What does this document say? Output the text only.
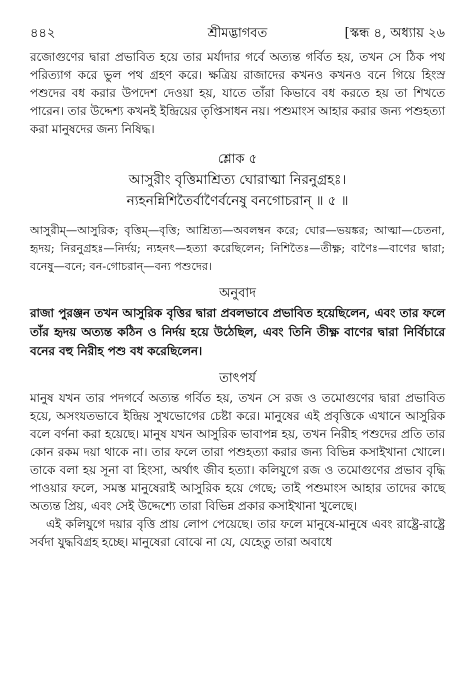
৪৪২	শ্রীমদ্ভাগবত	[স্কন্ধ ৪, অধ্যায় ২৬

রজোগুণের দ্বারা প্রভাবিত হয়ে তার মর্যাদার গর্বে অত্যন্ত গর্বিত হয়, তখন সে ঠিক পথ পরিত্যাগ করে ভুল পথ গ্রহণ করে। ক্ষত্রিয় রাজাদের কখনও কখনও বনে গিয়ে হিংস্র পশুদের বধ করার উপদেশ দেওয়া হয়, যাতে তাঁরা কিভাবে বধ করতে হয় তা শিখতে পারেন। তার উদ্দেশ্য কখনই ইন্দ্রিয়ের তৃপ্তিসাধন নয়। পশুমাংস আহার করার জন্য পশুহত্যা করা মানুষদের জন্য নিষিদ্ধ।

শ্লোক ৫
আসুরীং বৃত্তিমাশ্রিত্য ঘোরাত্মা নিরনুগ্রহঃ।
ন্যহনন্নিশিতৈর্বাণৈর্বনেষু বনগোচরান্‌ ॥ ৫ ॥

আসুরীম্—আসুরিক; বৃত্তিম্—বৃত্তি; আশ্রিত্য—অবলম্বন করে; ঘোর—ভয়ঙ্কর; আত্মা—চেতনা, হৃদয়; নিরনুগ্রহঃ—নির্দয়; ন্যহনৎ—হত্যা করেছিলেন; নিশিতৈঃ—তীক্ষ্ণ; বাণৈঃ—বাণের দ্বারা; বনেষু—বনে; বন-গোচরান্—বন্য পশুদের।

অনুবাদ

রাজা পুরঞ্জন তখন আসুরিক বৃত্তির দ্বারা প্রবলভাবে প্রভাবিত হয়েছিলেন, এবং তার ফলে তাঁর হৃদয় অত্যন্ত কঠিন ও নির্দয় হয়ে উঠেছিল, এবং তিনি তীক্ষ্ণ বাণের দ্বারা নির্বিচারে বনের বহু নিরীহ পশু বধ করেছিলেন।

তাৎপর্য

মানুষ যখন তার পদগর্বে অত্যন্ত গর্বিত হয়, তখন সে রজ ও তমোগুণের দ্বারা প্রভাবিত হয়ে, অসংযতভাবে ইন্দ্রিয় সুখভোগের চেষ্টা করে। মানুষের এই প্রবৃত্তিকে এখানে আসুরিক বলে বর্ণনা করা হয়েছে। মানুষ যখন আসুরিক ভাবাপন্ন হয়, তখন নিরীহ পশুদের প্রতি তার কোন রকম দয়া থাকে না। তার ফলে তারা পশুহত্যা করার জন্য বিভিন্ন কসাইখানা খোলে। তাকে বলা হয় সূনা বা হিংসা, অর্থাৎ জীব হত্যা। কলিযুগে রজ ও তমোগুণের প্রভাব বৃদ্ধি পাওয়ার ফলে, সমস্ত মানুষেরাই আসুরিক হয়ে গেছে; তাই পশুমাংস আহার তাদের কাছে অত্যন্ত প্রিয়, এবং সেই উদ্দেশ্যে তারা বিভিন্ন প্রকার কসাইখানা খুলেছে।

এই কলিযুগে দয়ার বৃত্তি প্রায় লোপ পেয়েছে। তার ফলে মানুষে-মানুষে এবং রাষ্ট্রে-রাষ্ট্রে সর্বদা যুদ্ধবিগ্রহ হচ্ছে। মানুষেরা বোঝে না যে, যেহেতু তারা অবাধে
